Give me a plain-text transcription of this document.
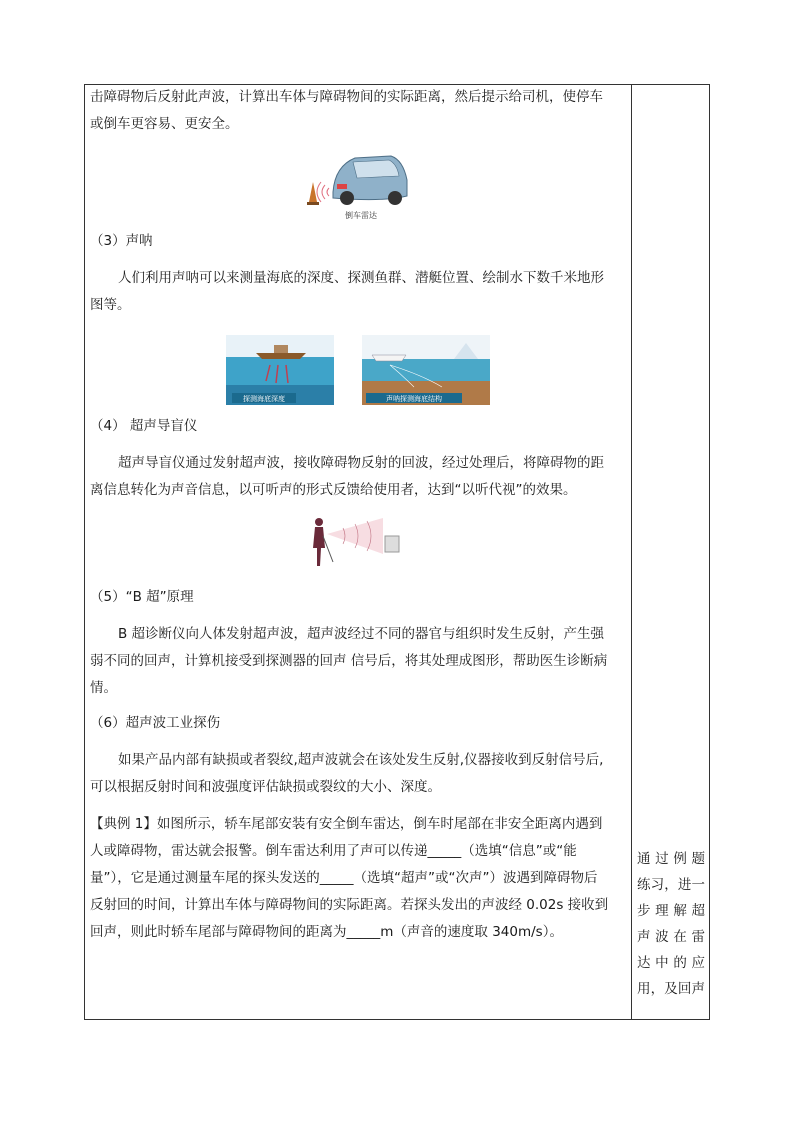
击障碍物后反射此声波，计算出车体与障碍物间的实际距离，然后提示给司机，使停车
或倒车更容易、更安全。
倒车雷达
（3）声呐
人们利用声呐可以来测量海底的深度、探测鱼群、潜艇位置、绘制水下数千米地形
图等。
探测海底深度	声呐探测海底结构
（4） 超声导盲仪
超声导盲仪通过发射超声波，接收障碍物反射的回波，经过处理后，将障碍物的距
离信息转化为声音信息，以可听声的形式反馈给使用者，达到“以听代视”的效果。
（5）“B 超”原理
B 超诊断仪向人体发射超声波，超声波经过不同的器官与组织时发生反射，产生强
弱不同的回声，计算机接受到探测器的回声 信号后，将其处理成图形，帮助医生诊断病
情。
（6）超声波工业探伤
如果产品内部有缺损或者裂纹,超声波就会在该处发生反射,仪器接收到反射信号后,
可以根据反射时间和波强度评估缺损或裂纹的大小、深度。
【典例 1】如图所示，轿车尾部安装有安全倒车雷达，倒车时尾部在非安全距离内遇到
人或障碍物，雷达就会报警。倒车雷达利用了声可以传递_____（选填“信息”或“能
量”），它是通过测量车尾的探头发送的_____（选填“超声”或“次声”）波遇到障碍物后
反射回的时间，计算出车体与障碍物间的实际距离。若探头发出的声波经 0.02s 接收到
回声，则此时轿车尾部与障碍物间的距离为_____m（声音的速度取 340m/s）。
通过例题
练习，进一
步理解超
声波在雷
达中的应
用，及回声
